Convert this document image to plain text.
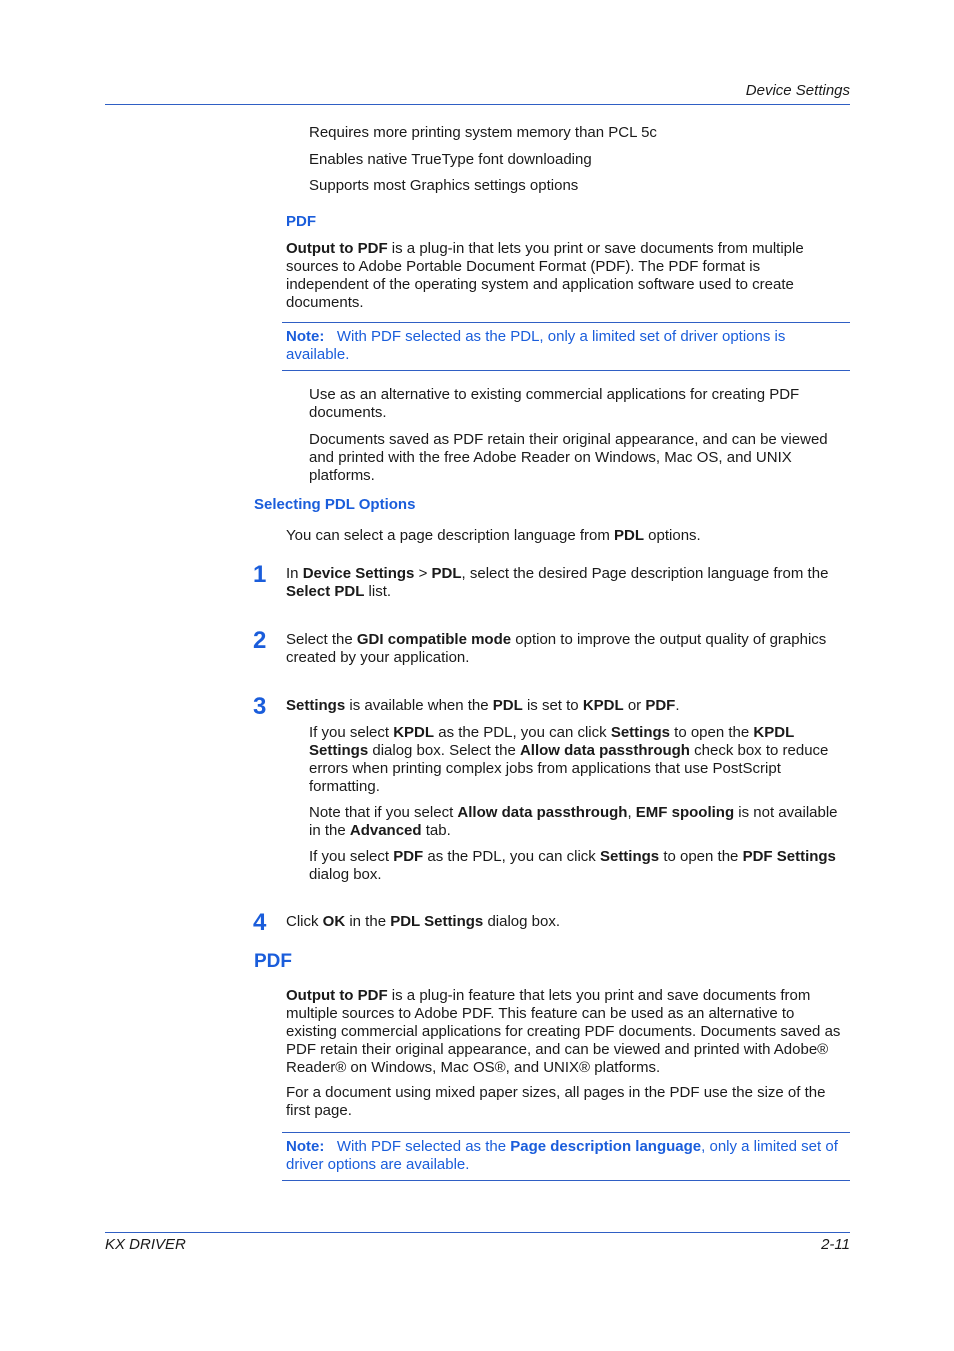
Device Settings

Requires more printing system memory than PCL 5c

Enables native TrueType font downloading

Supports most Graphics settings options

PDF

Output to PDF is a plug-in that lets you print or save documents from multiple sources to Adobe Portable Document Format (PDF). The PDF format is independent of the operating system and application software used to create documents.

Note: With PDF selected as the PDL, only a limited set of driver options is available.

Use as an alternative to existing commercial applications for creating PDF documents.

Documents saved as PDF retain their original appearance, and can be viewed and printed with the free Adobe Reader on Windows, Mac OS, and UNIX platforms.

Selecting PDL Options

You can select a page description language from PDL options.

1 In Device Settings > PDL, select the desired Page description language from the Select PDL list.

2 Select the GDI compatible mode option to improve the output quality of graphics created by your application.

3 Settings is available when the PDL is set to KPDL or PDF.

If you select KPDL as the PDL, you can click Settings to open the KPDL Settings dialog box. Select the Allow data passthrough check box to reduce errors when printing complex jobs from applications that use PostScript formatting.

Note that if you select Allow data passthrough, EMF spooling is not available in the Advanced tab.

If you select PDF as the PDL, you can click Settings to open the PDF Settings dialog box.

4 Click OK in the PDL Settings dialog box.

PDF

Output to PDF is a plug-in feature that lets you print and save documents from multiple sources to Adobe PDF. This feature can be used as an alternative to existing commercial applications for creating PDF documents. Documents saved as PDF retain their original appearance, and can be viewed and printed with Adobe® Reader® on Windows, Mac OS®, and UNIX® platforms.

For a document using mixed paper sizes, all pages in the PDF use the size of the first page.

Note: With PDF selected as the Page description language, only a limited set of driver options are available.

KX DRIVER	2-11
